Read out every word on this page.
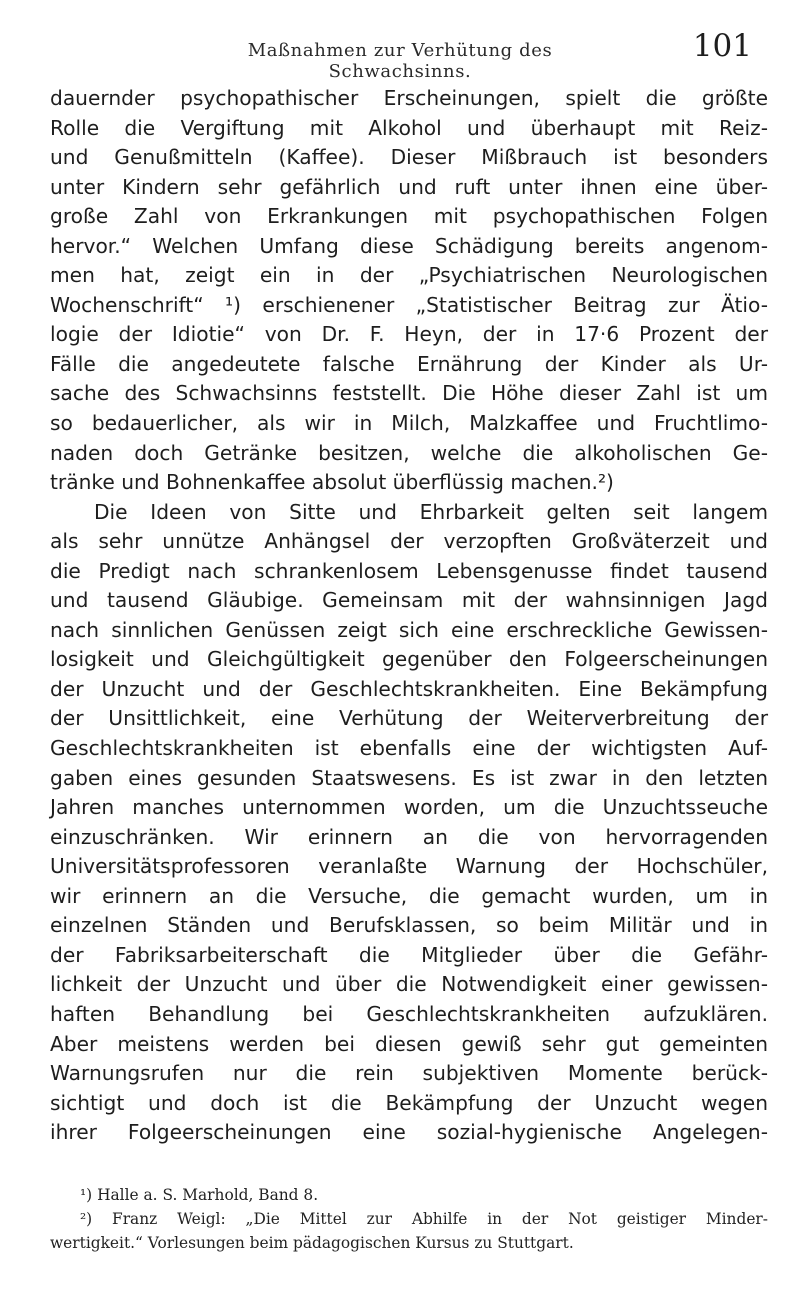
Maßnahmen zur Verhütung des Schwachsinns.
101
dauernder psychopathischer Erscheinungen, spielt die größte
Rolle die Vergiftung mit Alkohol und überhaupt mit Reiz-
und Genußmitteln (Kaffee). Dieser Mißbrauch ist besonders
unter Kindern sehr gefährlich und ruft unter ihnen eine über-
große Zahl von Erkrankungen mit psychopathischen Folgen
hervor.“ Welchen Umfang diese Schädigung bereits angenom-
men hat, zeigt ein in der „Psychiatrischen Neurologischen
Wochenschrift“ ¹) erschienener „Statistischer Beitrag zur Ätio-
logie der Idiotie“ von Dr. F. Heyn, der in 17·6 Prozent der
Fälle die angedeutete falsche Ernährung der Kinder als Ur-
sache des Schwachsinns feststellt. Die Höhe dieser Zahl ist um
so bedauerlicher, als wir in Milch, Malzkaffee und Fruchtlimo-
naden doch Getränke besitzen, welche die alkoholischen Ge-
tränke und Bohnenkaffee absolut überflüssig machen.²)
Die Ideen von Sitte und Ehrbarkeit gelten seit langem
als sehr unnütze Anhängsel der verzopften Großväterzeit und
die Predigt nach schrankenlosem Lebensgenusse findet tausend
und tausend Gläubige. Gemeinsam mit der wahnsinnigen Jagd
nach sinnlichen Genüssen zeigt sich eine erschreckliche Gewissen-
losigkeit und Gleichgültigkeit gegenüber den Folgeerscheinungen
der Unzucht und der Geschlechtskrankheiten. Eine Bekämpfung
der Unsittlichkeit, eine Verhütung der Weiterverbreitung der
Geschlechtskrankheiten ist ebenfalls eine der wichtigsten Auf-
gaben eines gesunden Staatswesens. Es ist zwar in den letzten
Jahren manches unternommen worden, um die Unzuchtsseuche
einzuschränken. Wir erinnern an die von hervorragenden
Universitätsprofessoren veranlaßte Warnung der Hochschüler,
wir erinnern an die Versuche, die gemacht wurden, um in
einzelnen Ständen und Berufsklassen, so beim Militär und in
der Fabriksarbeiterschaft die Mitglieder über die Gefähr-
lichkeit der Unzucht und über die Notwendigkeit einer gewissen-
haften Behandlung bei Geschlechtskrankheiten aufzuklären.
Aber meistens werden bei diesen gewiß sehr gut gemeinten
Warnungsrufen nur die rein subjektiven Momente berück-
sichtigt und doch ist die Bekämpfung der Unzucht wegen
ihrer Folgeerscheinungen eine sozial-hygienische Angelegen-
¹) Halle a. S. Marhold, Band 8.
²) Franz Weigl: „Die Mittel zur Abhilfe in der Not geistiger Minder-
wertigkeit.“ Vorlesungen beim pädagogischen Kursus zu Stuttgart.
